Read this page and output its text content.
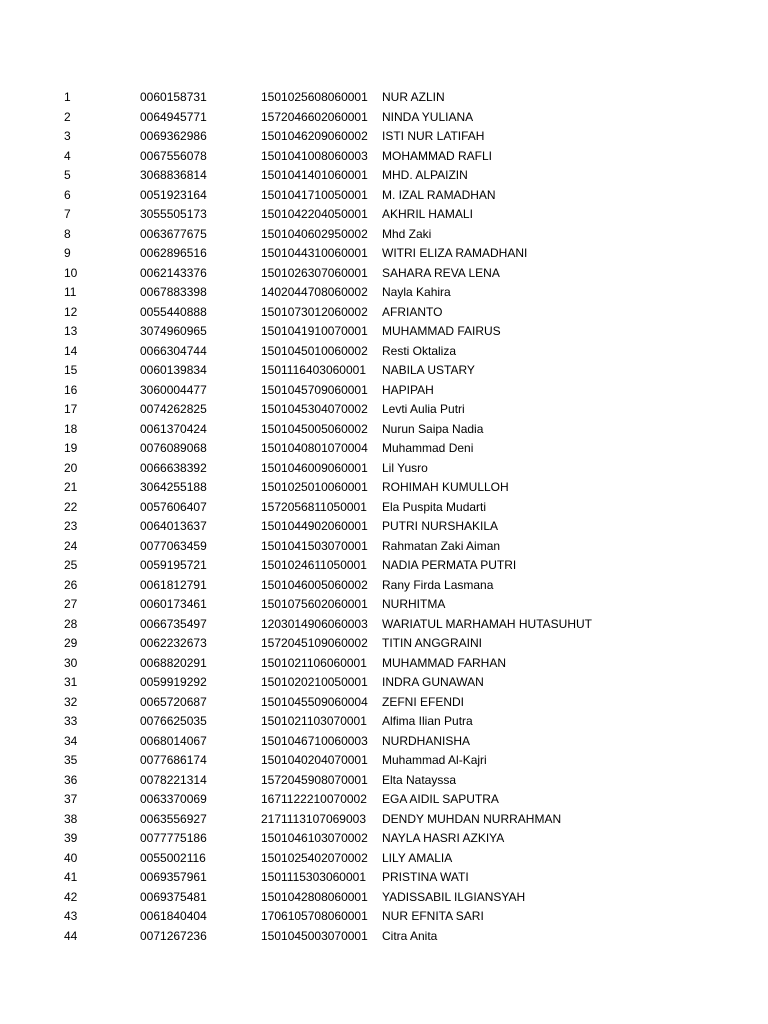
1	0060158731	1501025608060001 NUR AZLIN
2	0064945771	1572046602060001 NINDA YULIANA
3	0069362986	1501046209060002 ISTI NUR LATIFAH
4	0067556078	1501041008060003 MOHAMMAD RAFLI
5	3068836814	1501041401060001 MHD. ALPAIZIN
6	0051923164	1501041710050001 M. IZAL RAMADHAN
7	3055505173	1501042204050001 AKHRIL HAMALI
8	0063677675	1501040602950002 Mhd Zaki
9	0062896516	1501044310060001 WITRI ELIZA RAMADHANI
10	0062143376	1501026307060001 SAHARA REVA LENA
11	0067883398	1402044708060002 Nayla Kahira
12	0055440888	1501073012060002 AFRIANTO
13	3074960965	1501041910070001 MUHAMMAD FAIRUS
14	0066304744	1501045010060002 Resti Oktaliza
15	0060139834	1501116403060001 NABILA USTARY
16	3060004477	1501045709060001 HAPIPAH
17	0074262825	1501045304070002 Levti Aulia Putri
18	0061370424	1501045005060002 Nurun Saipa Nadia
19	0076089068	1501040801070004 Muhammad Deni
20	0066638392	1501046009060001 Lil Yusro
21	3064255188	1501025010060001 ROHIMAH KUMULLOH
22	0057606407	1572056811050001 Ela Puspita Mudarti
23	0064013637	1501044902060001 PUTRI NURSHAKILA
24	0077063459	1501041503070001 Rahmatan Zaki Aiman
25	0059195721	1501024611050001 NADIA PERMATA PUTRI
26	0061812791	1501046005060002 Rany Firda Lasmana
27	0060173461	1501075602060001 NURHITMA
28	0066735497	1203014906060003 WARIATUL MARHAMAH HUTASUHUT
29	0062232673	1572045109060002 TITIN ANGGRAINI
30	0068820291	1501021106060001 MUHAMMAD FARHAN
31	0059919292	1501020210050001 INDRA GUNAWAN
32	0065720687	1501045509060004 ZEFNI EFENDI
33	0076625035	1501021103070001 Alfima Ilian Putra
34	0068014067	1501046710060003 NURDHANISHA
35	0077686174	1501040204070001 Muhammad Al-Kajri
36	0078221314	1572045908070001 Elta Natayssa
37	0063370069	1671122210070002 EGA AIDIL SAPUTRA
38	0063556927	2171113107069003 DENDY MUHDAN NURRAHMAN
39	0077775186	1501046103070002 NAYLA HASRI AZKIYA
40	0055002116	1501025402070002 LILY AMALIA
41	0069357961	1501115303060001 PRISTINA WATI
42	0069375481	1501042808060001 YADISSABIL ILGIANSYAH
43	0061840404	1706105708060001 NUR EFNITA SARI
44	0071267236	1501045003070001 Citra Anita
